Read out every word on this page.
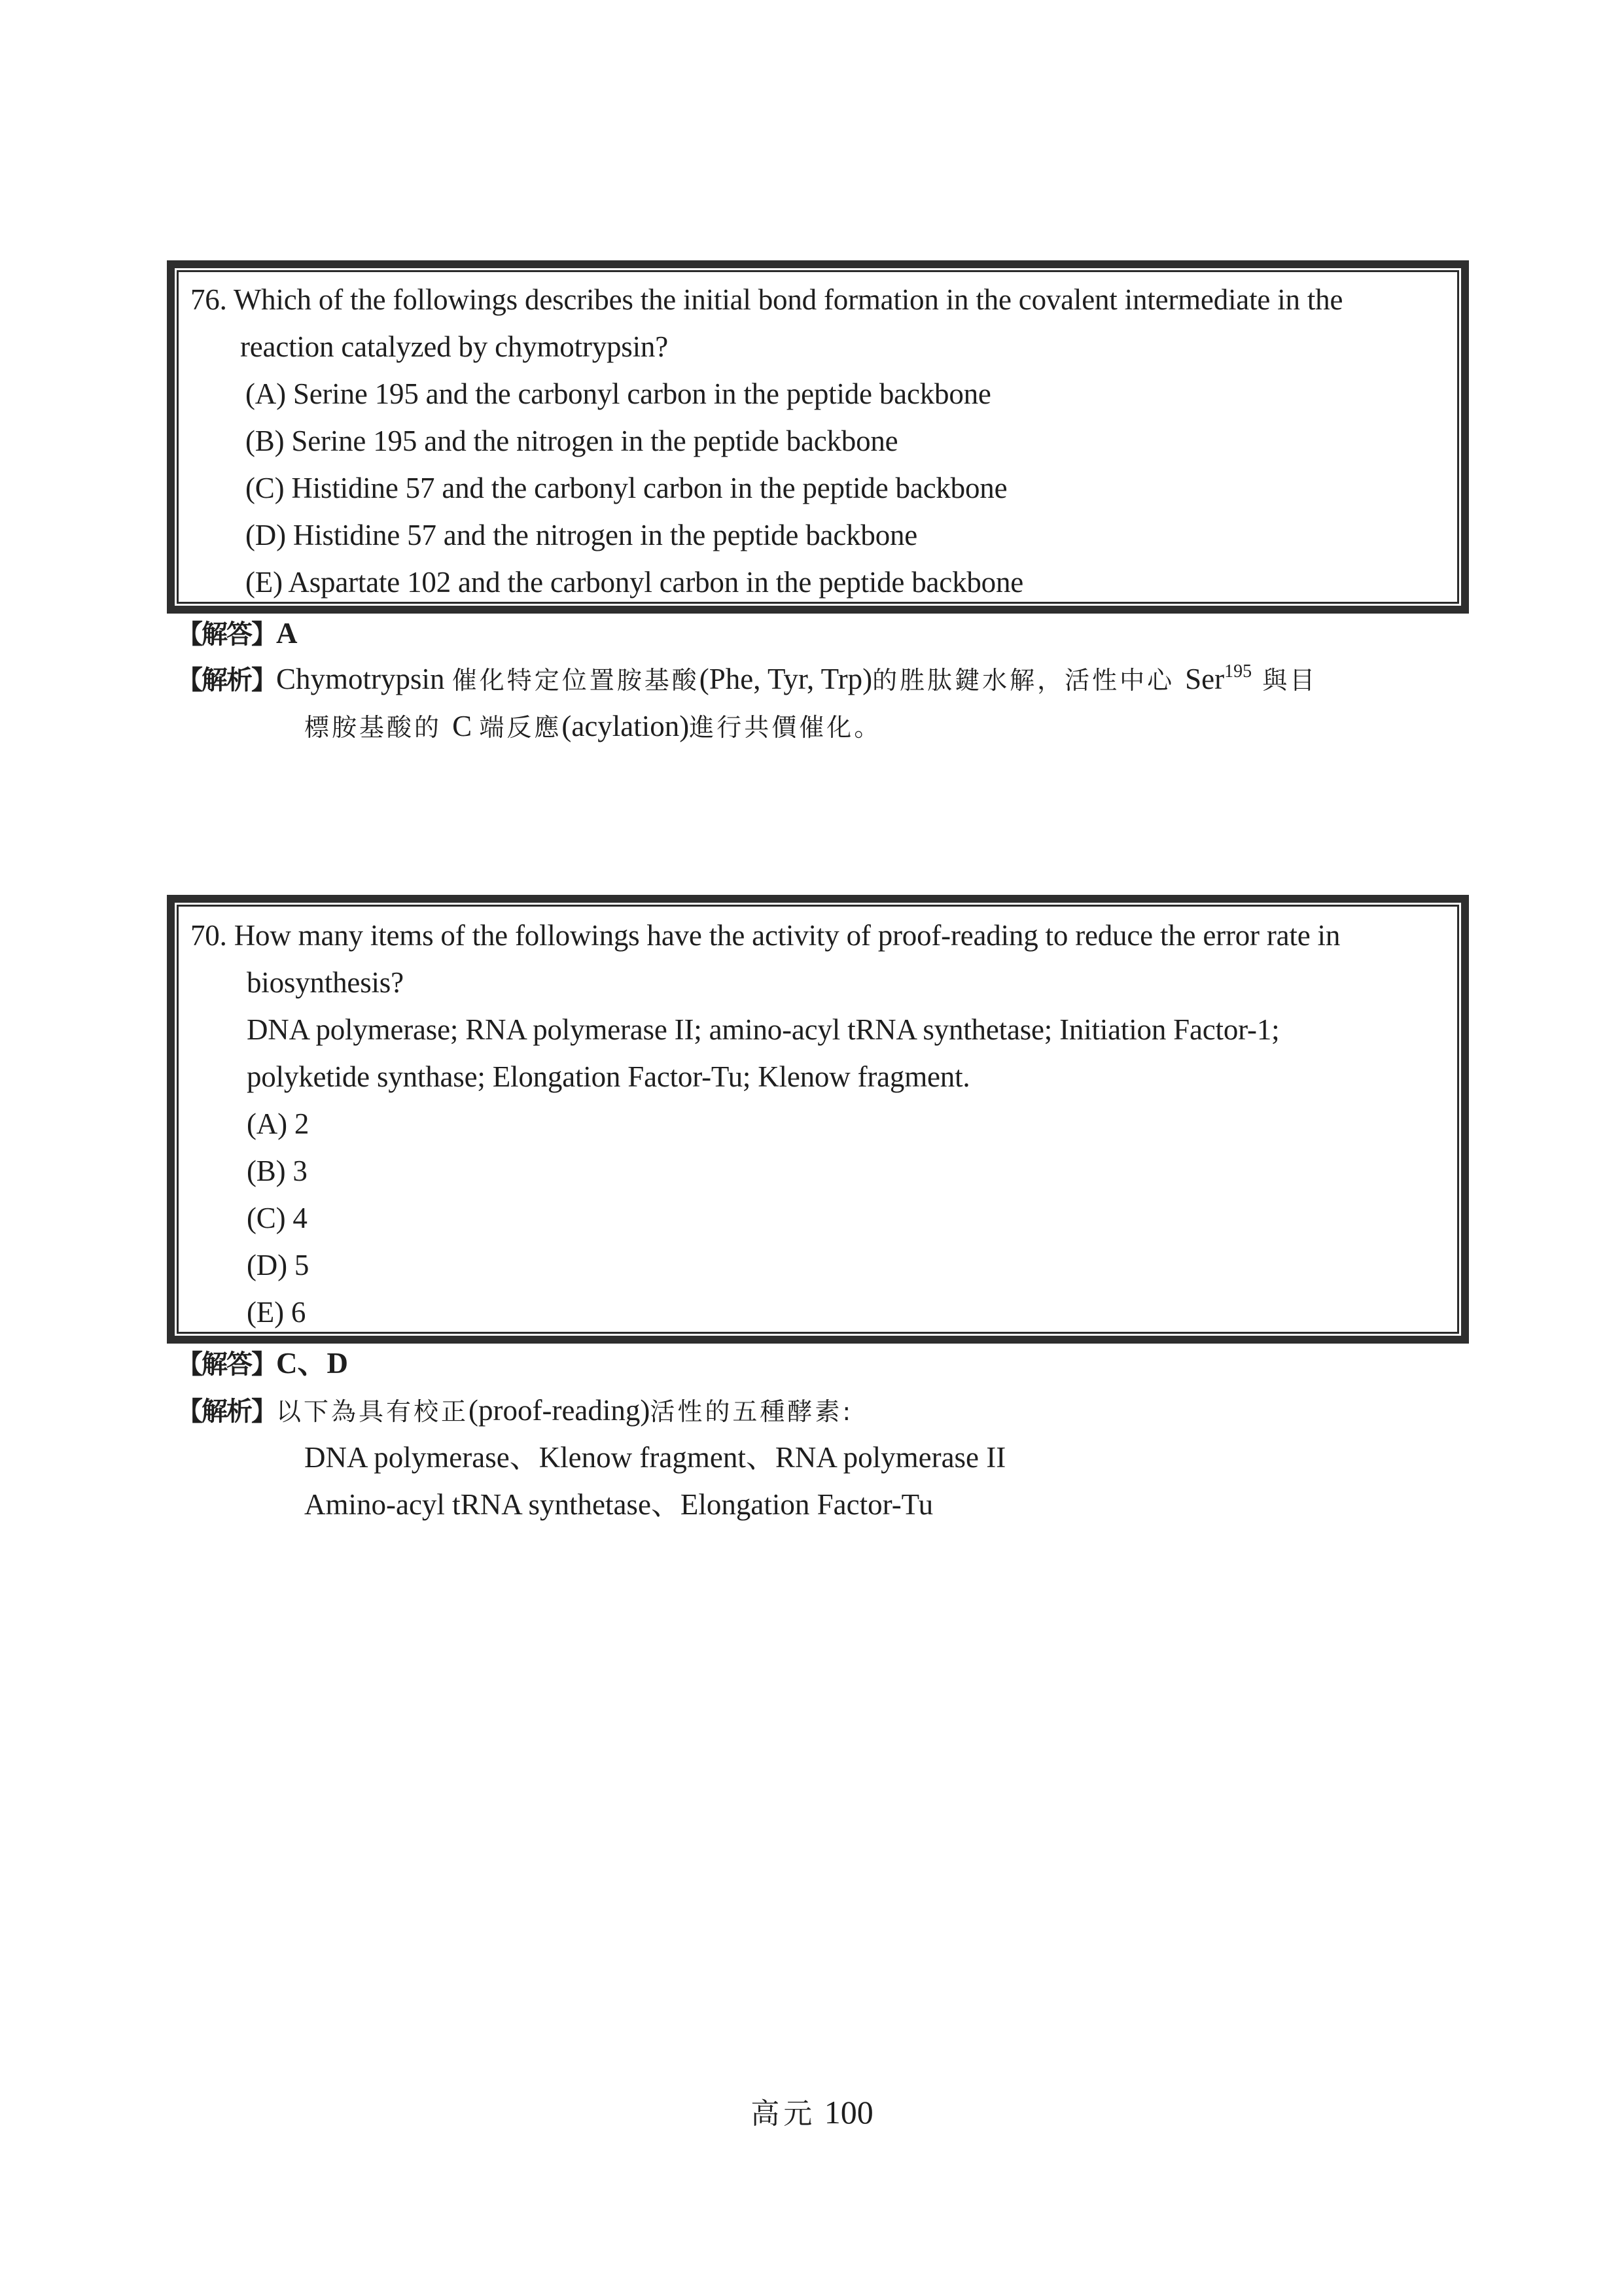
76. Which of the followings describes the initial bond formation in the covalent intermediate in the
reaction catalyzed by chymotrypsin?
(A) Serine 195 and the carbonyl carbon in the peptide backbone
(B) Serine 195 and the nitrogen in the peptide backbone
(C) Histidine 57 and the carbonyl carbon in the peptide backbone
(D) Histidine 57 and the nitrogen in the peptide backbone
(E) Aspartate 102 and the carbonyl carbon in the peptide backbone
【解答】A
【解析】Chymotrypsin 催化特定位置胺基酸(Phe, Tyr, Trp)的胜肽鍵水解，活性中心 Ser$^{195}$ 與目
標胺基酸的 C 端反應(acylation)進行共價催化。
70. How many items of the followings have the activity of proof-reading to reduce the error rate in
biosynthesis?
DNA polymerase; RNA polymerase II; amino-acyl tRNA synthetase; Initiation Factor-1;
polyketide synthase; Elongation Factor-Tu; Klenow fragment.
(A) 2
(B) 3
(C) 4
(D) 5
(E) 6
【解答】C、D
【解析】以下為具有校正(proof-reading)活性的五種酵素:
DNA polymerase、Klenow fragment、RNA polymerase II
Amino-acyl tRNA synthetase、Elongation Factor-Tu
高元 100
